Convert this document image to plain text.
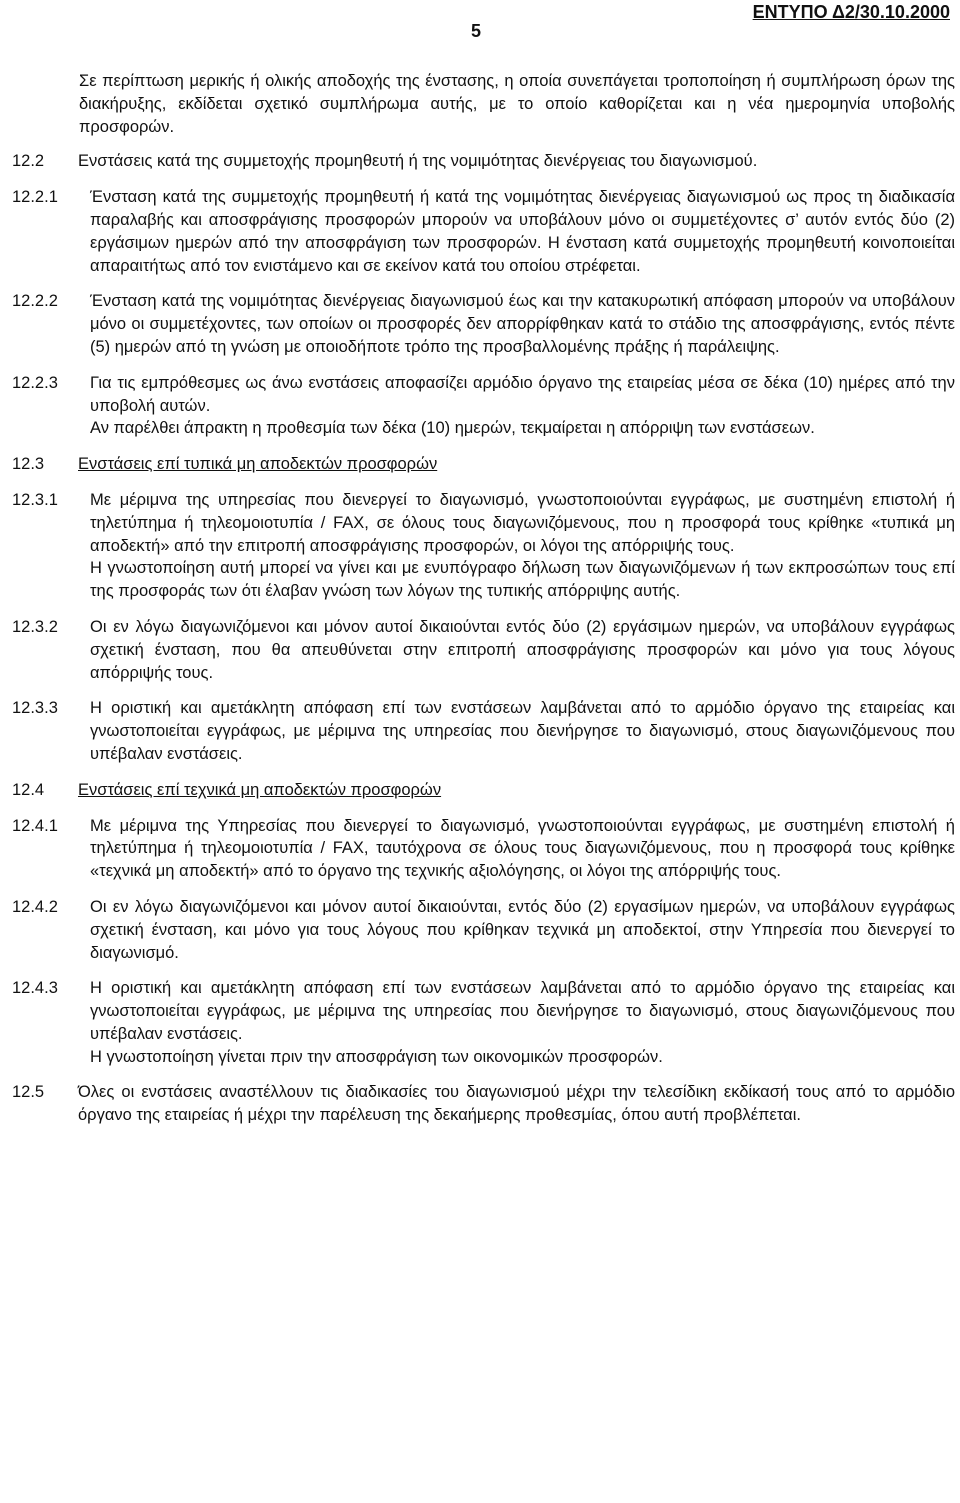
5
ΕΝΤΥΠΟ Δ2/30.10.2000
Σε περίπτωση μερικής ή ολικής αποδοχής της ένστασης, η οποία συνεπάγεται τροποποίηση ή συμπλήρωση όρων της διακήρυξης, εκδίδεται σχετικό συμπλήρωμα αυτής, με το οποίο καθορίζεται και η νέα ημερομηνία υποβολής προσφορών.
12.2	Ενστάσεις κατά της συμμετοχής προμηθευτή ή της νομιμότητας διενέργειας του διαγωνισμού.
12.2.1	Ένσταση κατά της συμμετοχής προμηθευτή ή κατά της νομιμότητας διενέργειας διαγωνισμού ως προς τη διαδικασία παραλαβής και αποσφράγισης προσφορών μπορούν να υποβάλουν μόνο οι συμμετέχοντες σ’ αυτόν εντός δύο (2) εργάσιμων ημερών από την αποσφράγιση των προσφορών. Η ένσταση κατά συμμετοχής προμηθευτή κοινοποιείται απαραιτήτως από τον ενιστάμενο και σε εκείνον κατά του οποίου στρέφεται.
12.2.2	Ένσταση κατά της νομιμότητας διενέργειας διαγωνισμού έως και την κατακυρωτική απόφαση μπορούν να υποβάλουν μόνο οι συμμετέχοντες, των οποίων οι προσφορές δεν απορρίφθηκαν κατά το στάδιο της αποσφράγισης, εντός πέντε (5) ημερών από τη γνώση με οποιοδήποτε τρόπο της προσβαλλομένης πράξης ή παράλειψης.
12.2.3	Για τις εμπρόθεσμες ως άνω ενστάσεις αποφασίζει αρμόδιο όργανο της εταιρείας μέσα σε δέκα (10) ημέρες από την υποβολή αυτών.
Αν παρέλθει άπρακτη η προθεσμία των δέκα (10) ημερών, τεκμαίρεται η απόρριψη των ενστάσεων.
12.3	Ενστάσεις επί τυπικά μη αποδεκτών προσφορών
12.3.1	Με μέριμνα της υπηρεσίας που διενεργεί το διαγωνισμό, γνωστοποιούνται εγγράφως, με συστημένη επιστολή ή τηλετύπημα ή τηλεομοιοτυπία / FAX, σε όλους τους διαγωνιζόμενους, που η προσφορά τους κρίθηκε «τυπικά μη αποδεκτή» από την επιτροπή αποσφράγισης προσφορών, οι λόγοι της απόρριψής τους.
Η γνωστοποίηση αυτή μπορεί να γίνει και με ενυπόγραφο δήλωση των διαγωνιζόμενων ή των εκπροσώπων τους επί της προσφοράς των ότι έλαβαν γνώση των λόγων της τυπικής απόρριψης αυτής.
12.3.2	Οι εν λόγω διαγωνιζόμενοι και μόνον αυτοί δικαιούνται εντός δύο (2) εργάσιμων ημερών, να υποβάλουν εγγράφως σχετική ένσταση, που θα απευθύνεται στην επιτροπή αποσφράγισης προσφορών και μόνο για τους λόγους απόρριψής τους.
12.3.3	Η οριστική και αμετάκλητη απόφαση επί των ενστάσεων λαμβάνεται από το αρμόδιο όργανο της εταιρείας και γνωστοποιείται εγγράφως, με μέριμνα της υπηρεσίας που διενήργησε το διαγωνισμό, στους διαγωνιζόμενους που υπέβαλαν ενστάσεις.
12.4	Ενστάσεις επί τεχνικά μη αποδεκτών προσφορών
12.4.1	Με μέριμνα της Υπηρεσίας που διενεργεί το διαγωνισμό, γνωστοποιούνται εγγράφως, με συστημένη επιστολή ή τηλετύπημα ή τηλεομοιοτυπία / FAX, ταυτόχρονα σε όλους τους διαγωνιζόμενους, που η προσφορά τους κρίθηκε «τεχνικά μη αποδεκτή» από το όργανο της τεχνικής αξιολόγησης, οι λόγοι της απόρριψής τους.
12.4.2	Οι εν λόγω διαγωνιζόμενοι και μόνον αυτοί δικαιούνται, εντός δύο (2) εργασίμων ημερών, να υποβάλουν εγγράφως σχετική ένσταση, και μόνο για τους λόγους που κρίθηκαν τεχνικά μη αποδεκτοί, στην Υπηρεσία που διενεργεί το διαγωνισμό.
12.4.3	Η οριστική και αμετάκλητη απόφαση επί των ενστάσεων λαμβάνεται από το αρμόδιο όργανο της εταιρείας και γνωστοποιείται εγγράφως, με μέριμνα της υπηρεσίας που διενήργησε το διαγωνισμό, στους διαγωνιζόμενους που υπέβαλαν ενστάσεις.
Η γνωστοποίηση γίνεται πριν την αποσφράγιση των οικονομικών προσφορών.
12.5	Όλες οι ενστάσεις αναστέλλουν τις διαδικασίες του διαγωνισμού μέχρι την τελεσίδικη εκδίκασή τους από το αρμόδιο όργανο της εταιρείας ή μέχρι την παρέλευση της δεκαήμερης προθεσμίας, όπου αυτή προβλέπεται.
